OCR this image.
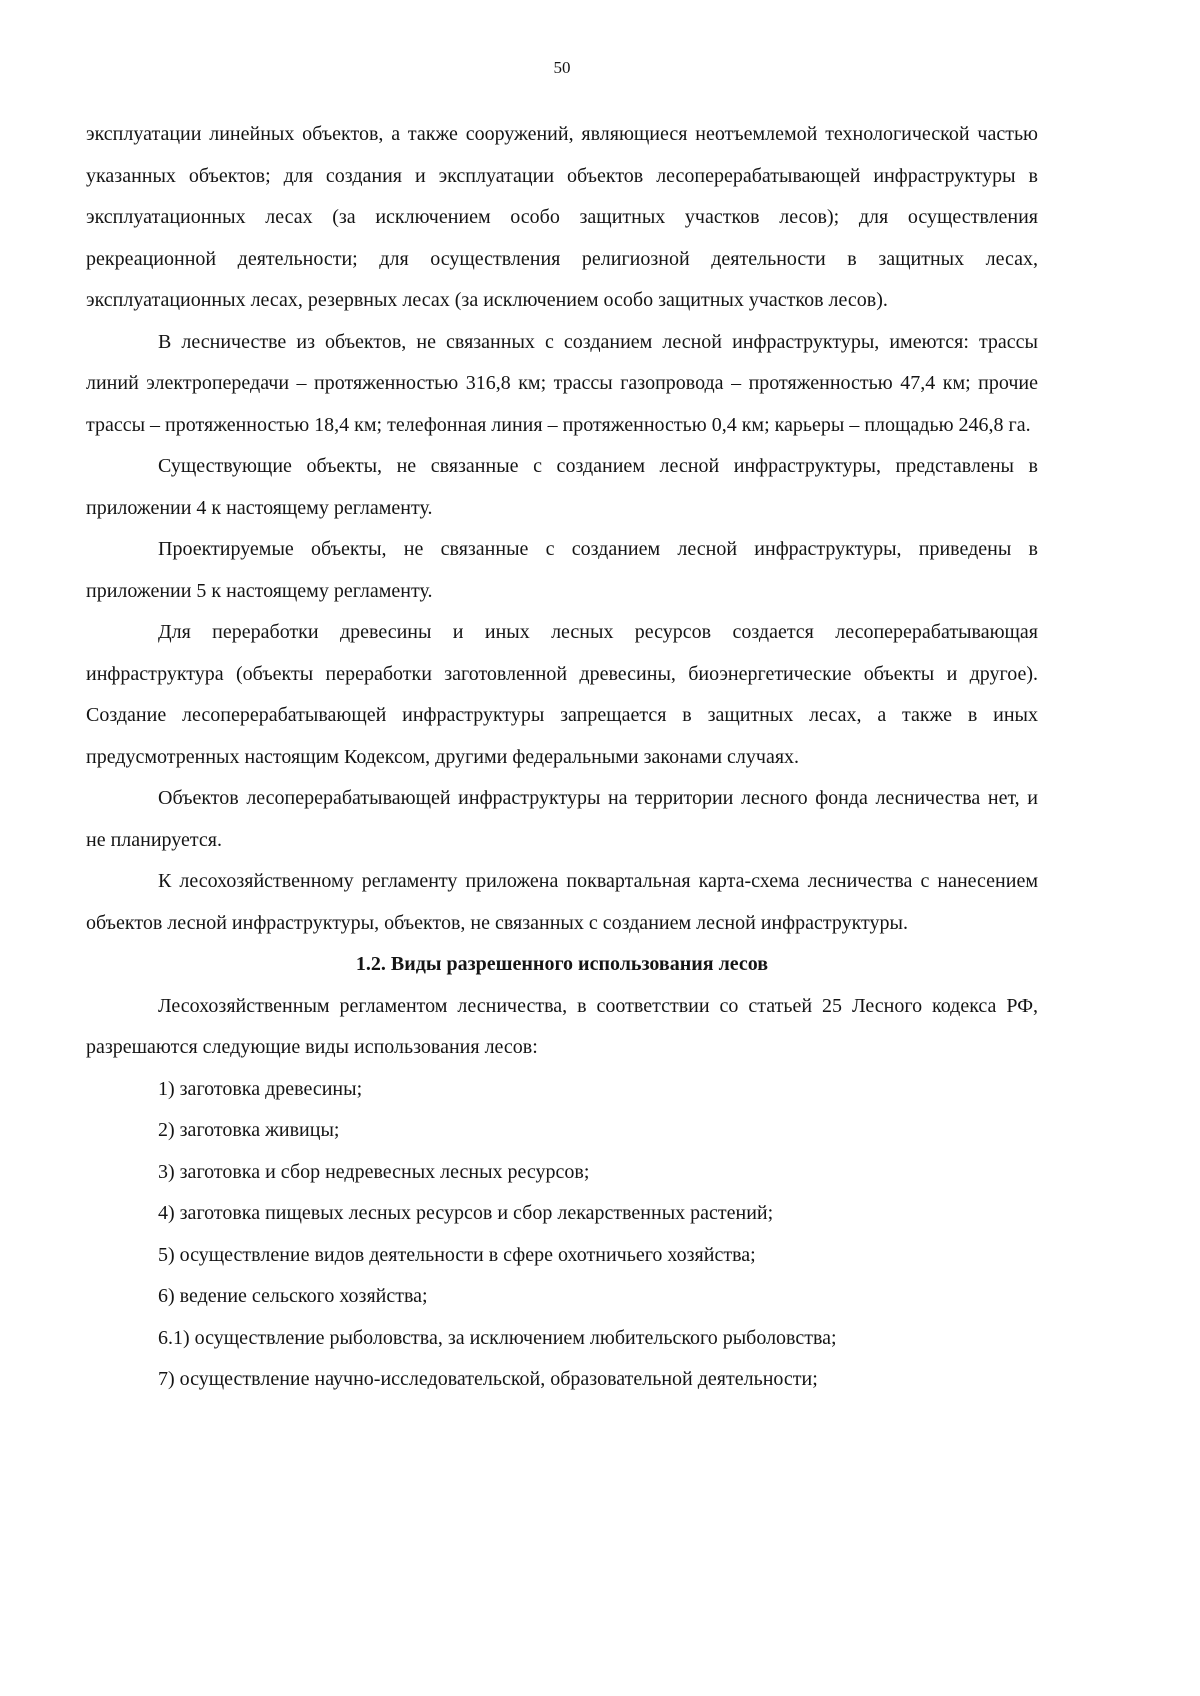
50

эксплуатации линейных объектов, а также сооружений, являющиеся неотъемлемой технологической частью указанных объектов; для создания и эксплуатации объектов лесоперерабатывающей инфраструктуры в эксплуатационных лесах (за исключением особо защитных участков лесов); для осуществления рекреационной деятельности; для осуществления религиозной деятельности в защитных лесах, эксплуатационных лесах, резервных лесах (за исключением особо защитных участков лесов).

В лесничестве из объектов, не связанных с созданием лесной инфраструктуры, имеются: трассы линий электропередачи – протяженностью 316,8 км; трассы газопровода – протяженностью 47,4 км; прочие трассы – протяженностью 18,4 км; телефонная линия – протяженностью 0,4 км; карьеры – площадью 246,8 га.

Существующие объекты, не связанные с созданием лесной инфраструктуры, представлены в приложении 4 к настоящему регламенту.

Проектируемые объекты, не связанные с созданием лесной инфраструктуры, приведены в приложении 5 к настоящему регламенту.

Для переработки древесины и иных лесных ресурсов создается лесоперерабатывающая инфраструктура (объекты переработки заготовленной древесины, биоэнергетические объекты и другое). Создание лесоперерабатывающей инфраструктуры запрещается в защитных лесах, а также в иных предусмотренных настоящим Кодексом, другими федеральными законами случаях.

Объектов лесоперерабатывающей инфраструктуры на территории лесного фонда лесничества нет, и не планируется.

К лесохозяйственному регламенту приложена поквартальная карта-схема лесничества с нанесением объектов лесной инфраструктуры, объектов, не связанных с созданием лесной инфраструктуры.

1.2. Виды разрешенного использования лесов

Лесохозяйственным регламентом лесничества, в соответствии со статьей 25 Лесного кодекса РФ, разрешаются следующие виды использования лесов:

1) заготовка древесины;

2) заготовка живицы;

3) заготовка и сбор недревесных лесных ресурсов;

4) заготовка пищевых лесных ресурсов и сбор лекарственных растений;

5) осуществление видов деятельности в сфере охотничьего хозяйства;

6) ведение сельского хозяйства;

6.1) осуществление рыболовства, за исключением любительского рыболовства;

7) осуществление научно-исследовательской, образовательной деятельности;
